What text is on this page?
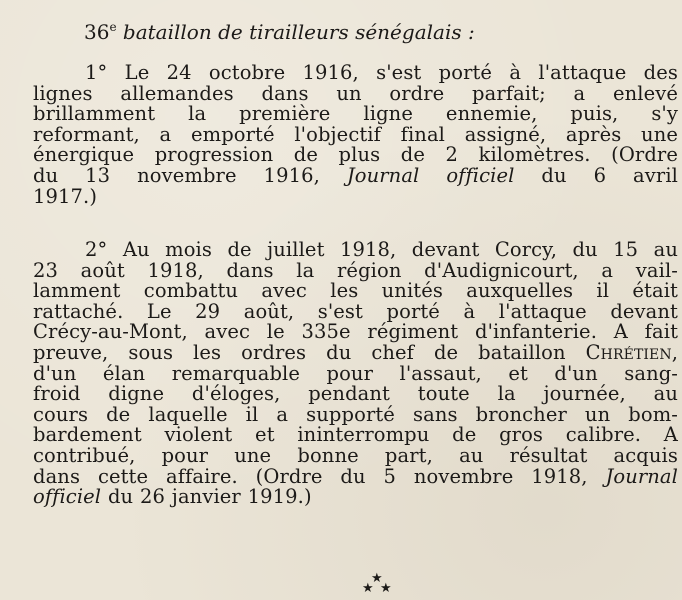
36e bataillon de tirailleurs sénégalais :
1° Le 24 octobre 1916, s'est porté à l'attaque des
lignes allemandes dans un ordre parfait; a enlevé
brillamment la première ligne ennemie, puis, s'y
reformant, a emporté l'objectif final assigné, après une
énergique progression de plus de 2 kilomètres. (Ordre
du 13 novembre 1916, Journal officiel du 6 avril
1917.)
2° Au mois de juillet 1918, devant Corcy, du 15 au
23 août 1918, dans la région d'Audignicourt, a vail-
lamment combattu avec les unités auxquelles il était
rattaché. Le 29 août, s'est porté à l'attaque devant
Crécy-au-Mont, avec le 335e régiment d'infanterie. A fait
preuve, sous les ordres du chef de bataillon Chrétien,
d'un élan remarquable pour l'assaut, et d'un sang-
froid digne d'éloges, pendant toute la journée, au
cours de laquelle il a supporté sans broncher un bom-
bardement violent et ininterrompu de gros calibre. A
contribué, pour une bonne part, au résultat acquis
dans cette affaire. (Ordre du 5 novembre 1918, Journal
officiel du 26 janvier 1919.)
★
★ ★
